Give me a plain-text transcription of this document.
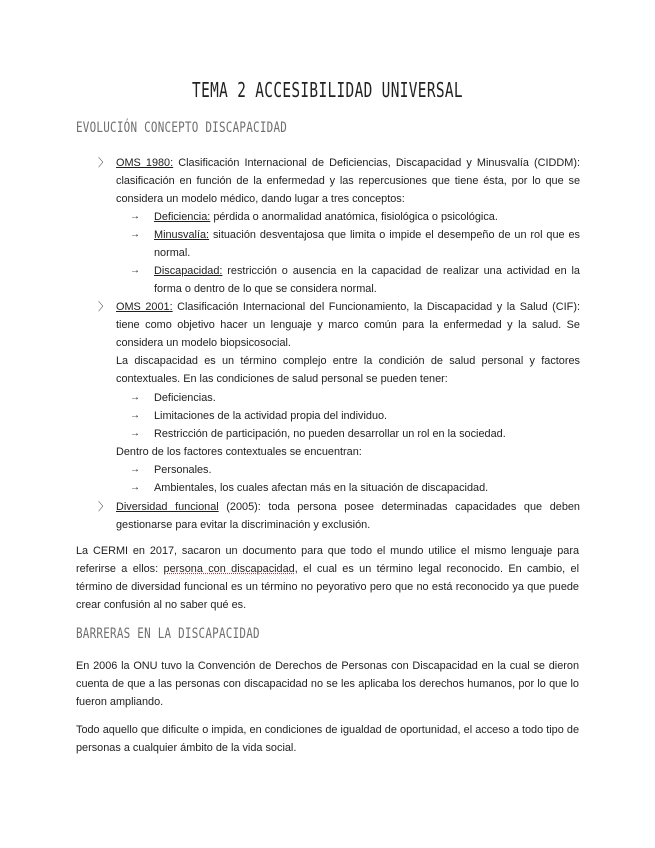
TEMA 2 ACCESIBILIDAD UNIVERSAL
EVOLUCIÓN CONCEPTO DISCAPACIDAD
〉 OMS 1980: Clasificación Internacional de Deficiencias, Discapacidad y Minusvalía (CIDDM): clasificación en función de la enfermedad y las repercusiones que tiene ésta, por lo que se considera un modelo médico, dando lugar a tres conceptos:

→ Deficiencia: pérdida o anormalidad anatómica, fisiológica o psicológica.

→ Minusvalía: situación desventajosa que limita o impide el desempeño de un rol que es normal.

→ Discapacidad: restricción o ausencia en la capacidad de realizar una actividad en la forma o dentro de lo que se considera normal.

〉 OMS 2001: Clasificación Internacional del Funcionamiento, la Discapacidad y la Salud (CIF): tiene como objetivo hacer un lenguaje y marco común para la enfermedad y la salud. Se considera un modelo biopsicosocial.

La discapacidad es un término complejo entre la condición de salud personal y factores contextuales. En las condiciones de salud personal se pueden tener:

→ Deficiencias.

→ Limitaciones de la actividad propia del individuo.

→ Restricción de participación, no pueden desarrollar un rol en la sociedad.

Dentro de los factores contextuales se encuentran:

→ Personales.

→ Ambientales, los cuales afectan más en la situación de discapacidad.

〉 Diversidad funcional (2005): toda persona posee determinadas capacidades que deben gestionarse para evitar la discriminación y exclusión.

La CERMI en 2017, sacaron un documento para que todo el mundo utilice el mismo lenguaje para referirse a ellos: persona con discapacidad, el cual es un término legal reconocido. En cambio, el término de diversidad funcional es un término no peyorativo pero que no está reconocido ya que puede crear confusión al no saber qué es.

BARRERAS EN LA DISCAPACIDAD
En 2006 la ONU tuvo la Convención de Derechos de Personas con Discapacidad en la cual se dieron cuenta de que a las personas con discapacidad no se les aplicaba los derechos humanos, por lo que lo fueron ampliando.
Todo aquello que dificulte o impida, en condiciones de igualdad de oportunidad, el acceso a todo tipo de personas a cualquier ámbito de la vida social.
